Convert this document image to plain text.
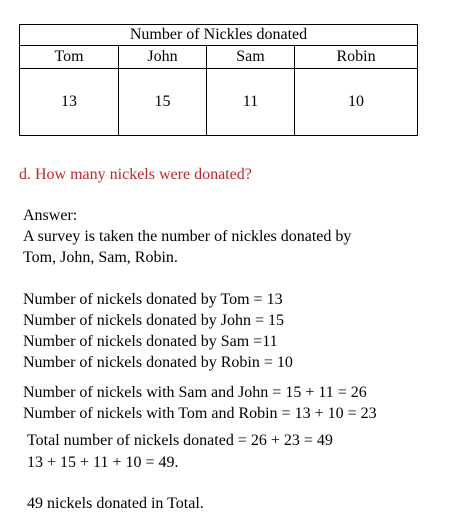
Number of Nickles donated			
Tom	John	Sam	Robin
13	15	11	10
d. How many nickels were donated?
Answer:
A survey is taken the number of nickles donated by
Tom, John, Sam, Robin.
Number of nickels donated by Tom = 13
Number of nickels donated by John = 15
Number of nickels donated by Sam =11
Number of nickels donated by Robin = 10
Number of nickels with Sam and John = 15 + 11 = 26
Number of nickels with Tom and Robin = 13 + 10 = 23
Total number of nickels donated = 26 + 23 = 49
13 + 15 + 11 + 10 = 49.
49 nickels donated in Total.
